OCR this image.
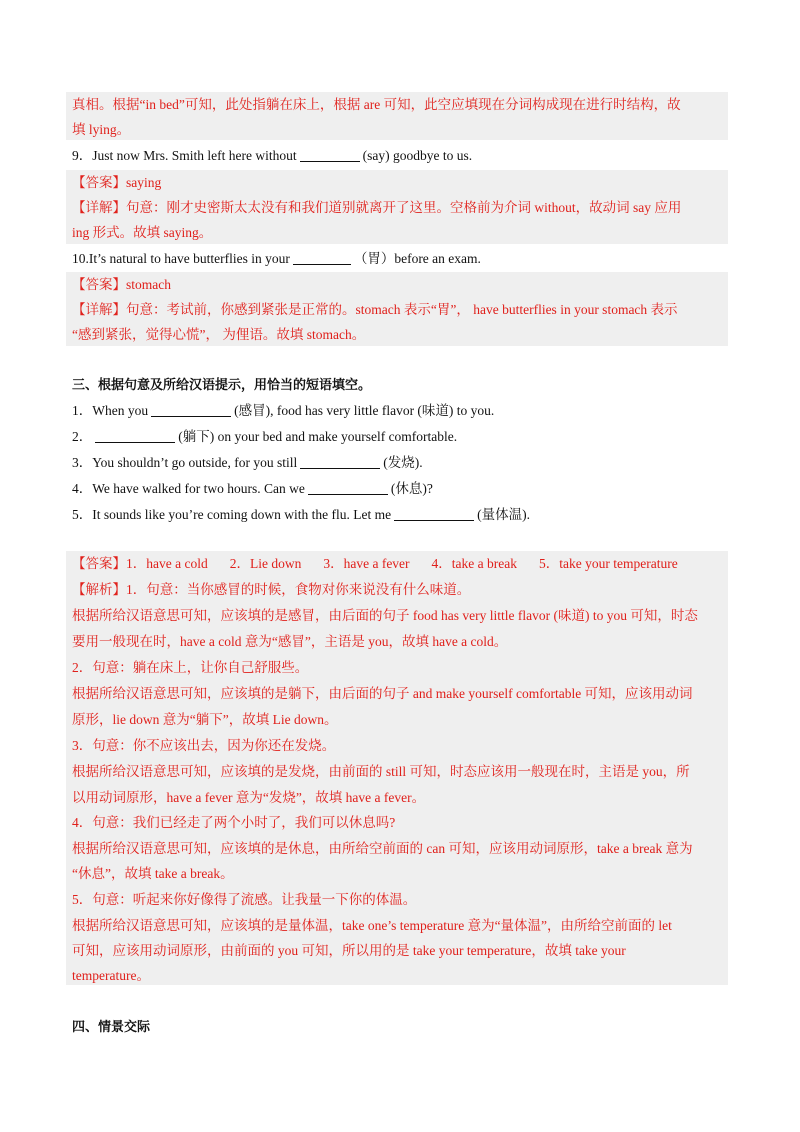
真相。根据“in bed”可知，此处指躺在床上，根据 are 可知，此空应填现在分词构成现在进行时结构，故
填 lying。
9．Just now Mrs. Smith left here without	(say) goodbye to us.
【答案】saying
【详解】句意：刚才史密斯太太没有和我们道别就离开了这里。空格前为介词 without，故动词 say 应用
ing 形式。故填 saying。
10.It’s natural to have butterflies in your	（胃）before an exam.
【答案】stomach
【详解】句意：考试前，你感到紧张是正常的。stomach 表示“胃”， have butterflies in your stomach 表示
“感到紧张，觉得心慌”， 为俚语。故填 stomach。
三、根据句意及所给汉语提示，用恰当的短语填空。
1．When you	(感冒), food has very little flavor (味道) to you.
2．	(躺下) on your bed and make yourself comfortable.
3．You shouldn’t go outside, for you still	(发烧).
4．We have walked for two hours. Can we	(休息)?
5．It sounds like you’re coming down with the flu. Let me	(量体温).
【答案】1．have a cold 2．Lie down 3．have a fever 4．take a break 5．take your temperature
【解析】1．句意：当你感冒的时候，食物对你来说没有什么味道。
根据所给汉语意思可知，应该填的是感冒，由后面的句子 food has very little flavor (味道) to you 可知，时态
要用一般现在时，have a cold 意为“感冒”，主语是 you，故填 have a cold。
2．句意：躺在床上，让你自己舒服些。
根据所给汉语意思可知，应该填的是躺下，由后面的句子 and make yourself comfortable 可知，应该用动词
原形，lie down 意为“躺下”，故填 Lie down。
3．句意：你不应该出去，因为你还在发烧。
根据所给汉语意思可知，应该填的是发烧，由前面的 still 可知，时态应该用一般现在时，主语是 you，所
以用动词原形，have a fever 意为“发烧”，故填 have a fever。
4．句意：我们已经走了两个小时了，我们可以休息吗?
根据所给汉语意思可知，应该填的是休息，由所给空前面的 can 可知，应该用动词原形，take a break 意为
“休息”，故填 take a break。
5．句意：听起来你好像得了流感。让我量一下你的体温。
根据所给汉语意思可知，应该填的是量体温，take one’s temperature 意为“量体温”，由所给空前面的 let
可知，应该用动词原形，由前面的 you 可知，所以用的是 take your temperature，故填 take your
temperature。
四、情景交际
